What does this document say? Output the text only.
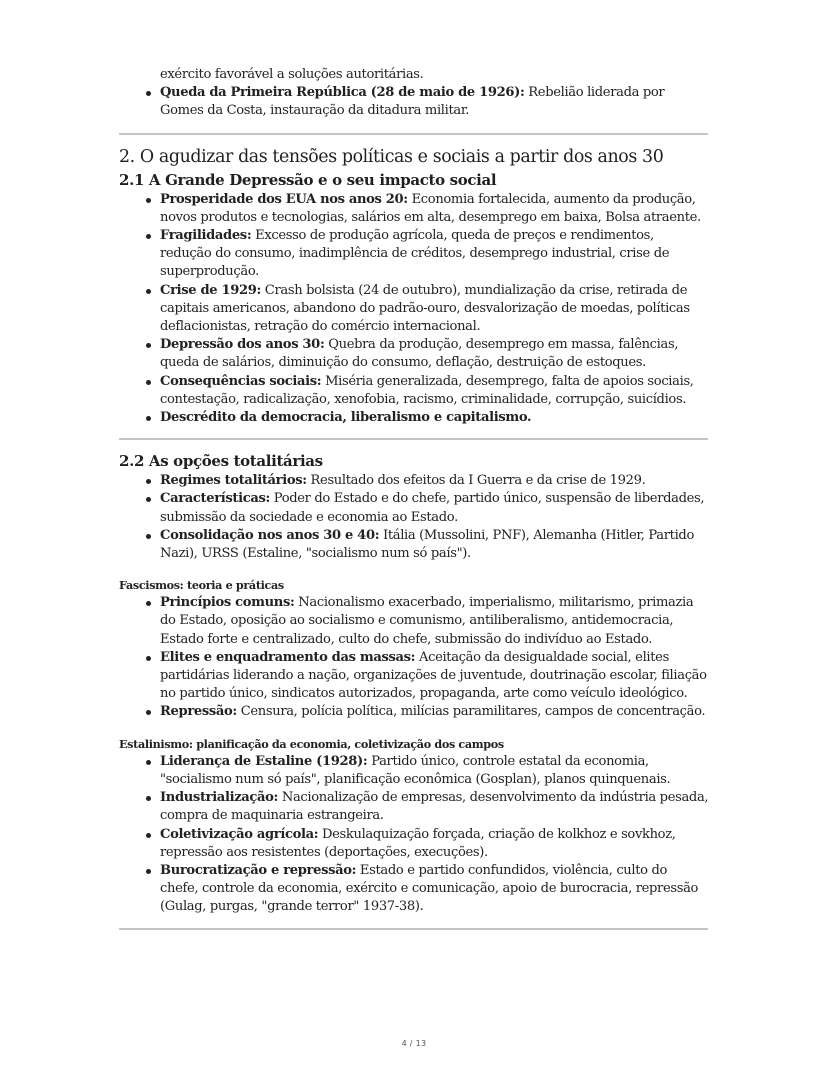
exército favorável a soluções autoritárias.
Queda da Primeira República (28 de maio de 1926): Rebelião liderada por Gomes da Costa, instauração da ditadura militar.
2. O agudizar das tensões políticas e sociais a partir dos anos 30
2.1 A Grande Depressão e o seu impacto social
Prosperidade dos EUA nos anos 20: Economia fortalecida, aumento da produção, novos produtos e tecnologias, salários em alta, desemprego em baixa, Bolsa atraente.
Fragilidades: Excesso de produção agrícola, queda de preços e rendimentos, redução do consumo, inadimplência de créditos, desemprego industrial, crise de superprodução.
Crise de 1929: Crash bolsista (24 de outubro), mundialização da crise, retirada de capitais americanos, abandono do padrão-ouro, desvalorização de moedas, políticas deflacionistas, retração do comércio internacional.
Depressão dos anos 30: Quebra da produção, desemprego em massa, falências, queda de salários, diminuição do consumo, deflação, destruição de estoques.
Consequências sociais: Miséria generalizada, desemprego, falta de apoios sociais, contestação, radicalização, xenofobia, racismo, criminalidade, corrupção, suicídios.
Descrédito da democracia, liberalismo e capitalismo.
2.2 As opções totalitárias
Regimes totalitários: Resultado dos efeitos da I Guerra e da crise de 1929.
Características: Poder do Estado e do chefe, partido único, suspensão de liberdades, submissão da sociedade e economia ao Estado.
Consolidação nos anos 30 e 40: Itália (Mussolini, PNF), Alemanha (Hitler, Partido Nazi), URSS (Estaline, "socialismo num só país").
Fascismos: teoria e práticas
Princípios comuns: Nacionalismo exacerbado, imperialismo, militarismo, primazia do Estado, oposição ao socialismo e comunismo, antiliberalismo, antidemocracia, Estado forte e centralizado, culto do chefe, submissão do indivíduo ao Estado.
Elites e enquadramento das massas: Aceitação da desigualdade social, elites partidárias liderando a nação, organizações de juventude, doutrinação escolar, filiação no partido único, sindicatos autorizados, propaganda, arte como veículo ideológico.
Repressão: Censura, polícia política, milícias paramilitares, campos de concentração.
Estalinismo: planificação da economia, coletivização dos campos
Liderança de Estaline (1928): Partido único, controle estatal da economia, "socialismo num só país", planificação econômica (Gosplan), planos quinquenais.
Industrialização: Nacionalização de empresas, desenvolvimento da indústria pesada, compra de maquinaria estrangeira.
Coletivização agrícola: Deskulaquização forçada, criação de kolkhoz e sovkhoz, repressão aos resistentes (deportações, execuções).
Burocratização e repressão: Estado e partido confundidos, violência, culto do chefe, controle da economia, exército e comunicação, apoio de burocracia, repressão (Gulag, purgas, "grande terror" 1937-38).
4 / 13
